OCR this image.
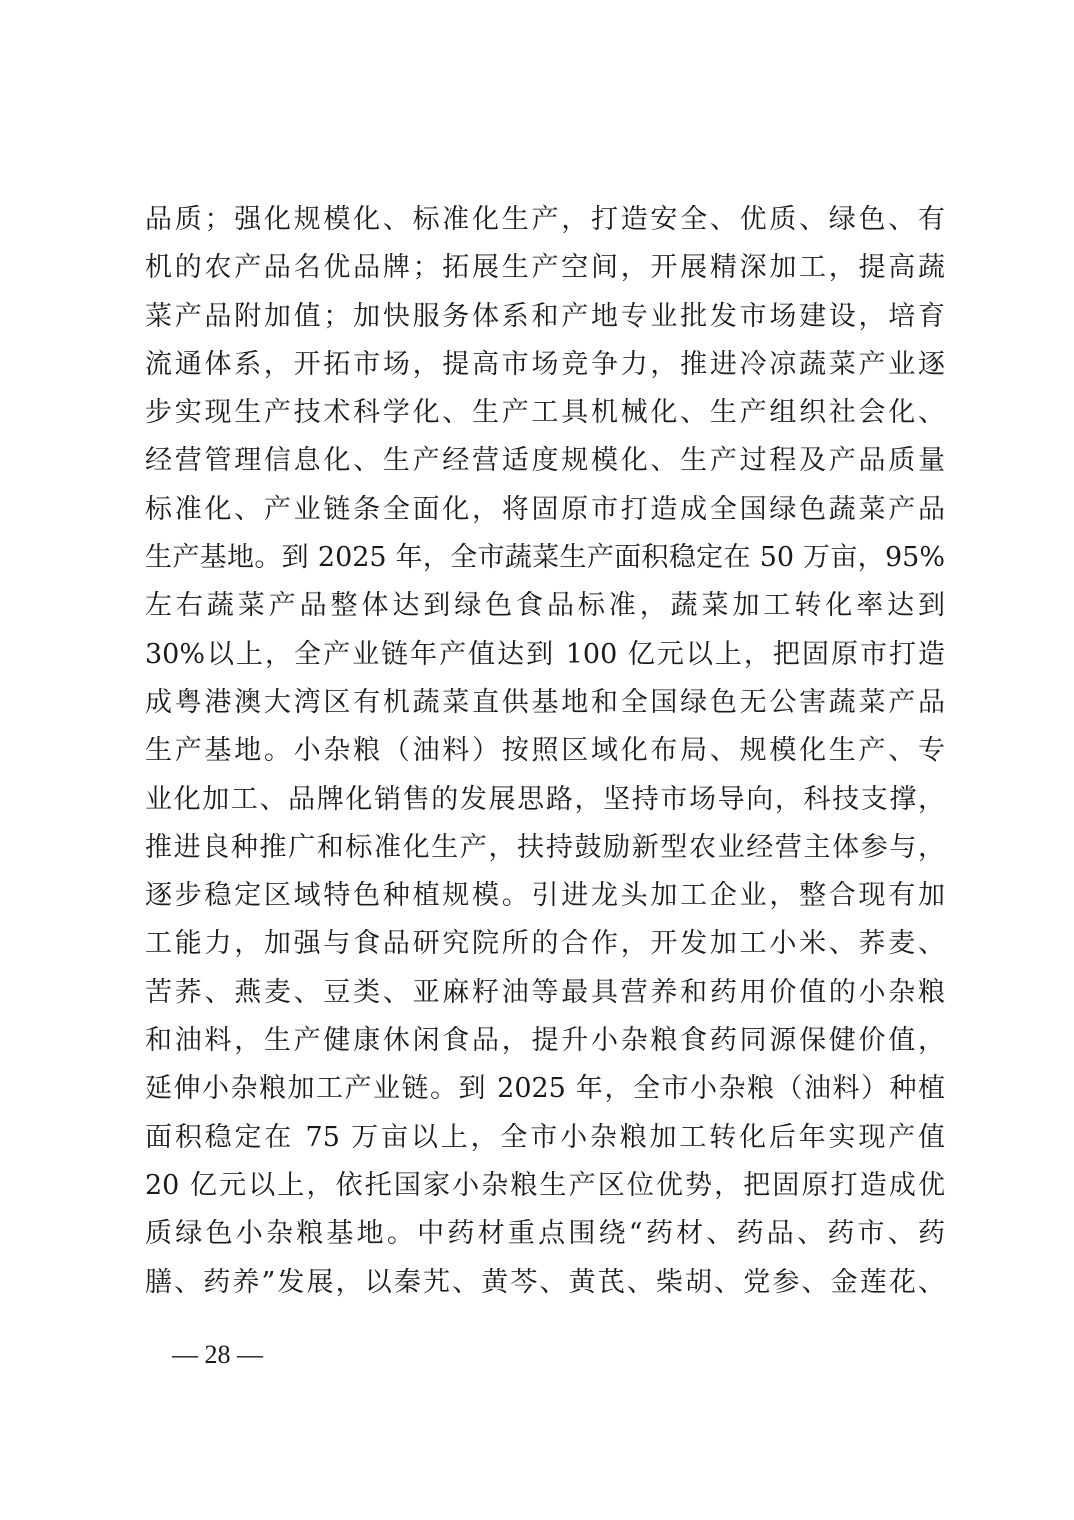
品质；强化规模化、标准化生产，打造安全、优质、绿色、有
机的农产品名优品牌；拓展生产空间，开展精深加工，提高蔬
菜产品附加值；加快服务体系和产地专业批发市场建设，培育
流通体系，开拓市场，提高市场竞争力，推进冷凉蔬菜产业逐
步实现生产技术科学化、生产工具机械化、生产组织社会化、
经营管理信息化、生产经营适度规模化、生产过程及产品质量
标准化、产业链条全面化，将固原市打造成全国绿色蔬菜产品
生产基地。到 2025 年，全市蔬菜生产面积稳定在 50 万亩，95%
左右蔬菜产品整体达到绿色食品标准，蔬菜加工转化率达到
30%以上，全产业链年产值达到 100 亿元以上，把固原市打造
成粤港澳大湾区有机蔬菜直供基地和全国绿色无公害蔬菜产品
生产基地。小杂粮（油料）按照区域化布局、规模化生产、专
业化加工、品牌化销售的发展思路，坚持市场导向，科技支撑，
推进良种推广和标准化生产，扶持鼓励新型农业经营主体参与，
逐步稳定区域特色种植规模。引进龙头加工企业，整合现有加
工能力，加强与食品研究院所的合作，开发加工小米、荞麦、
苦荞、燕麦、豆类、亚麻籽油等最具营养和药用价值的小杂粮
和油料，生产健康休闲食品，提升小杂粮食药同源保健价值，
延伸小杂粮加工产业链。到 2025 年，全市小杂粮（油料）种植
面积稳定在 75 万亩以上，全市小杂粮加工转化后年实现产值
20 亿元以上，依托国家小杂粮生产区位优势，把固原打造成优
质绿色小杂粮基地。中药材重点围绕“药材、药品、药市、药
膳、药养”发展，以秦艽、黄芩、黄芪、柴胡、党参、金莲花、
— 28 —
